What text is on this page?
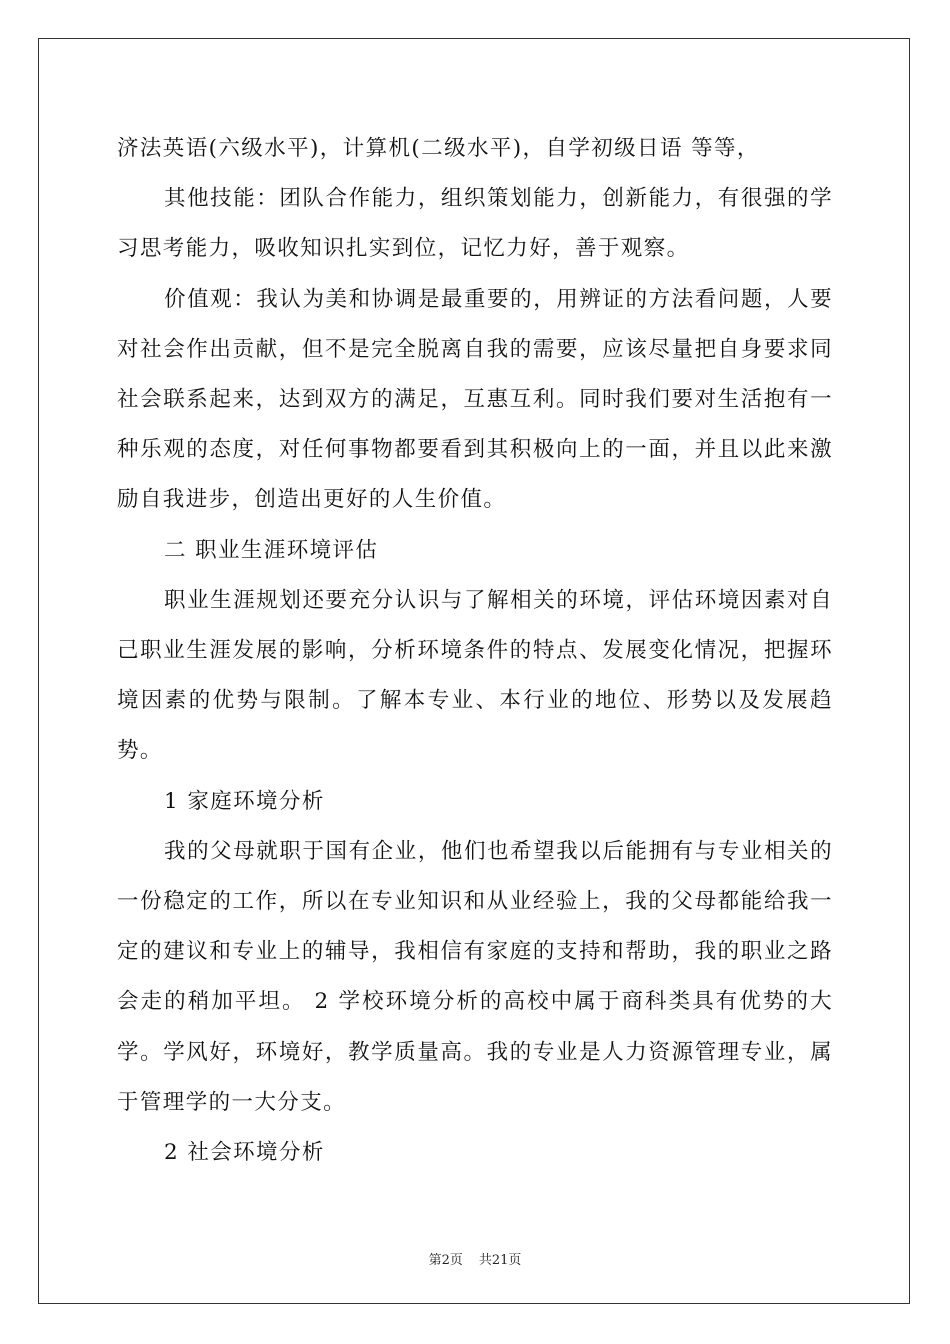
济法英语(六级水平)，计算机(二级水平)，自学初级日语 等等，

其他技能：团队合作能力，组织策划能力，创新能力，有很强的学习思考能力，吸收知识扎实到位，记忆力好，善于观察。

价值观：我认为美和协调是最重要的，用辨证的方法看问题，人要对社会作出贡献，但不是完全脱离自我的需要，应该尽量把自身要求同社会联系起来，达到双方的满足，互惠互利。同时我们要对生活抱有一种乐观的态度，对任何事物都要看到其积极向上的一面，并且以此来激励自我进步，创造出更好的人生价值。

二 职业生涯环境评估

职业生涯规划还要充分认识与了解相关的环境，评估环境因素对自己职业生涯发展的影响，分析环境条件的特点、发展变化情况，把握环境因素的优势与限制。了解本专业、本行业的地位、形势以及发展趋势。

1 家庭环境分析

我的父母就职于国有企业，他们也希望我以后能拥有与专业相关的一份稳定的工作，所以在专业知识和从业经验上，我的父母都能给我一定的建议和专业上的辅导，我相信有家庭的支持和帮助，我的职业之路会走的稍加平坦。 2 学校环境分析的高校中属于商科类具有优势的大学。学风好，环境好，教学质量高。我的专业是人力资源管理专业，属于管理学的一大分支。

2 社会环境分析

第2页 共21页
